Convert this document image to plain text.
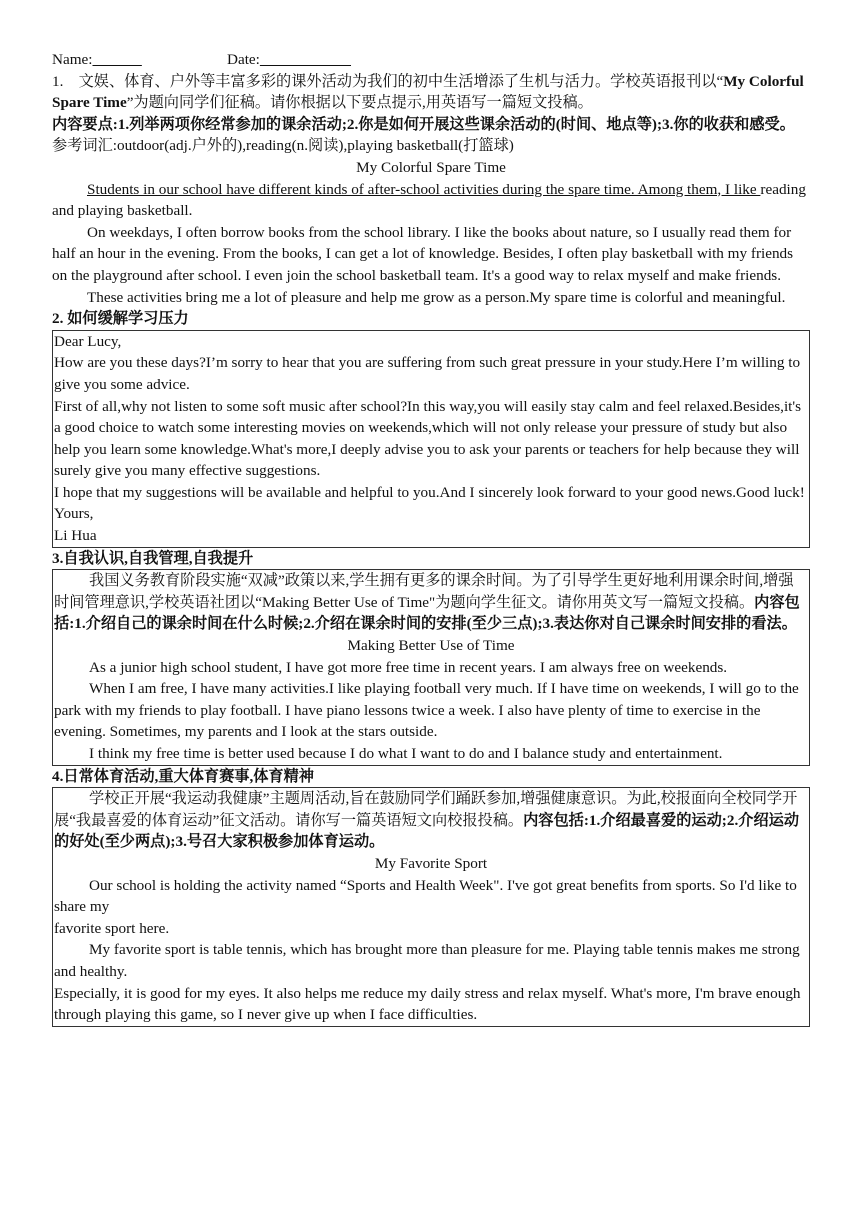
Name:	Date:

1. 文娱、体育、户外等丰富多彩的课外活动为我们的初中生活增添了生机与活力。学校英语报刊以“My Colorful Spare Time”为题向同学们征稿。请你根据以下要点提示,用英语写一篇短文投稿。

内容要点:1.列举两项你经常参加的课余活动;2.你是如何开展这些课余活动的(时间、地点等);3.你的收获和感受。参考词汇:outdoor(adj.户外的),reading(n.阅读),playing basketball(打篮球)

My Colorful Spare Time

Students in our school have different kinds of after-school activities during the spare time. Among them, I like reading and playing basketball.

On weekdays, I often borrow books from the school library. I like the books about nature, so I usually read them for half an hour in the evening. From the books, I can get a lot of knowledge. Besides, I often play basketball with my friends on the playground after school. I even join the school basketball team. It's a good way to relax myself and make friends.

These activities bring me a lot of pleasure and help me grow as a person.My spare time is colorful and meaningful.

2. 如何缓解学习压力

Dear Lucy,

How are you these days?I’m sorry to hear that you are suffering from such great pressure in your study.Here I’m willing to give you some advice.

First of all,why not listen to some soft music after school?In this way,you will easily stay calm and feel relaxed.Besides,it's a good choice to watch some interesting movies on weekends,which will not only release your pressure of study but also help you learn some knowledge.What's more,I deeply advise you to ask your parents or teachers for help because they will surely give you many effective suggestions.

I hope that my suggestions will be available and helpful to you.And I sincerely look forward to your good news.Good luck!

Yours,

Li Hua

3.自我认识,自我管理,自我提升

我国义务教育阶段实施“双减”政策以来,学生拥有更多的课余时间。为了引导学生更好地利用课余时间,增强时间管理意识,学校英语社团以“Making Better Use of Time"为题向学生征文。请你用英文写一篇短文投稿。内容包括:1.介绍自己的课余时间在什么时候;2.介绍在课余时间的安排(至少三点);3.表达你对自己课余时间安排的看法。

Making Better Use of Time

As a junior high school student, I have got more free time in recent years. I am always free on weekends.

When I am free, I have many activities.I like playing football very much. If I have time on weekends, I will go to the park with my friends to play football. I have piano lessons twice a week. I also have plenty of time to exercise in the evening. Sometimes, my parents and I look at the stars outside.

I think my free time is better used because I do what I want to do and I balance study and entertainment.

4.日常体育活动,重大体育赛事,体育精神

学校正开展“我运动我健康”主题周活动,旨在鼓励同学们踊跃参加,增强健康意识。为此,校报面向全校同学开展“我最喜爱的体育运动”征文活动。请你写一篇英语短文向校报投稿。内容包括:1.介绍最喜爱的运动;2.介绍运动的好处(至少两点);3.号召大家积极参加体育运动。

My Favorite Sport

Our school is holding the activity named “Sports and Health Week". I've got great benefits from sports. So I'd like to share my

favorite sport here.

My favorite sport is table tennis, which has brought more than pleasure for me. Playing table tennis makes me strong and healthy.

Especially, it is good for my eyes. It also helps me reduce my daily stress and relax myself. What's more, I'm brave enough through playing this game, so I never give up when I face difficulties.
